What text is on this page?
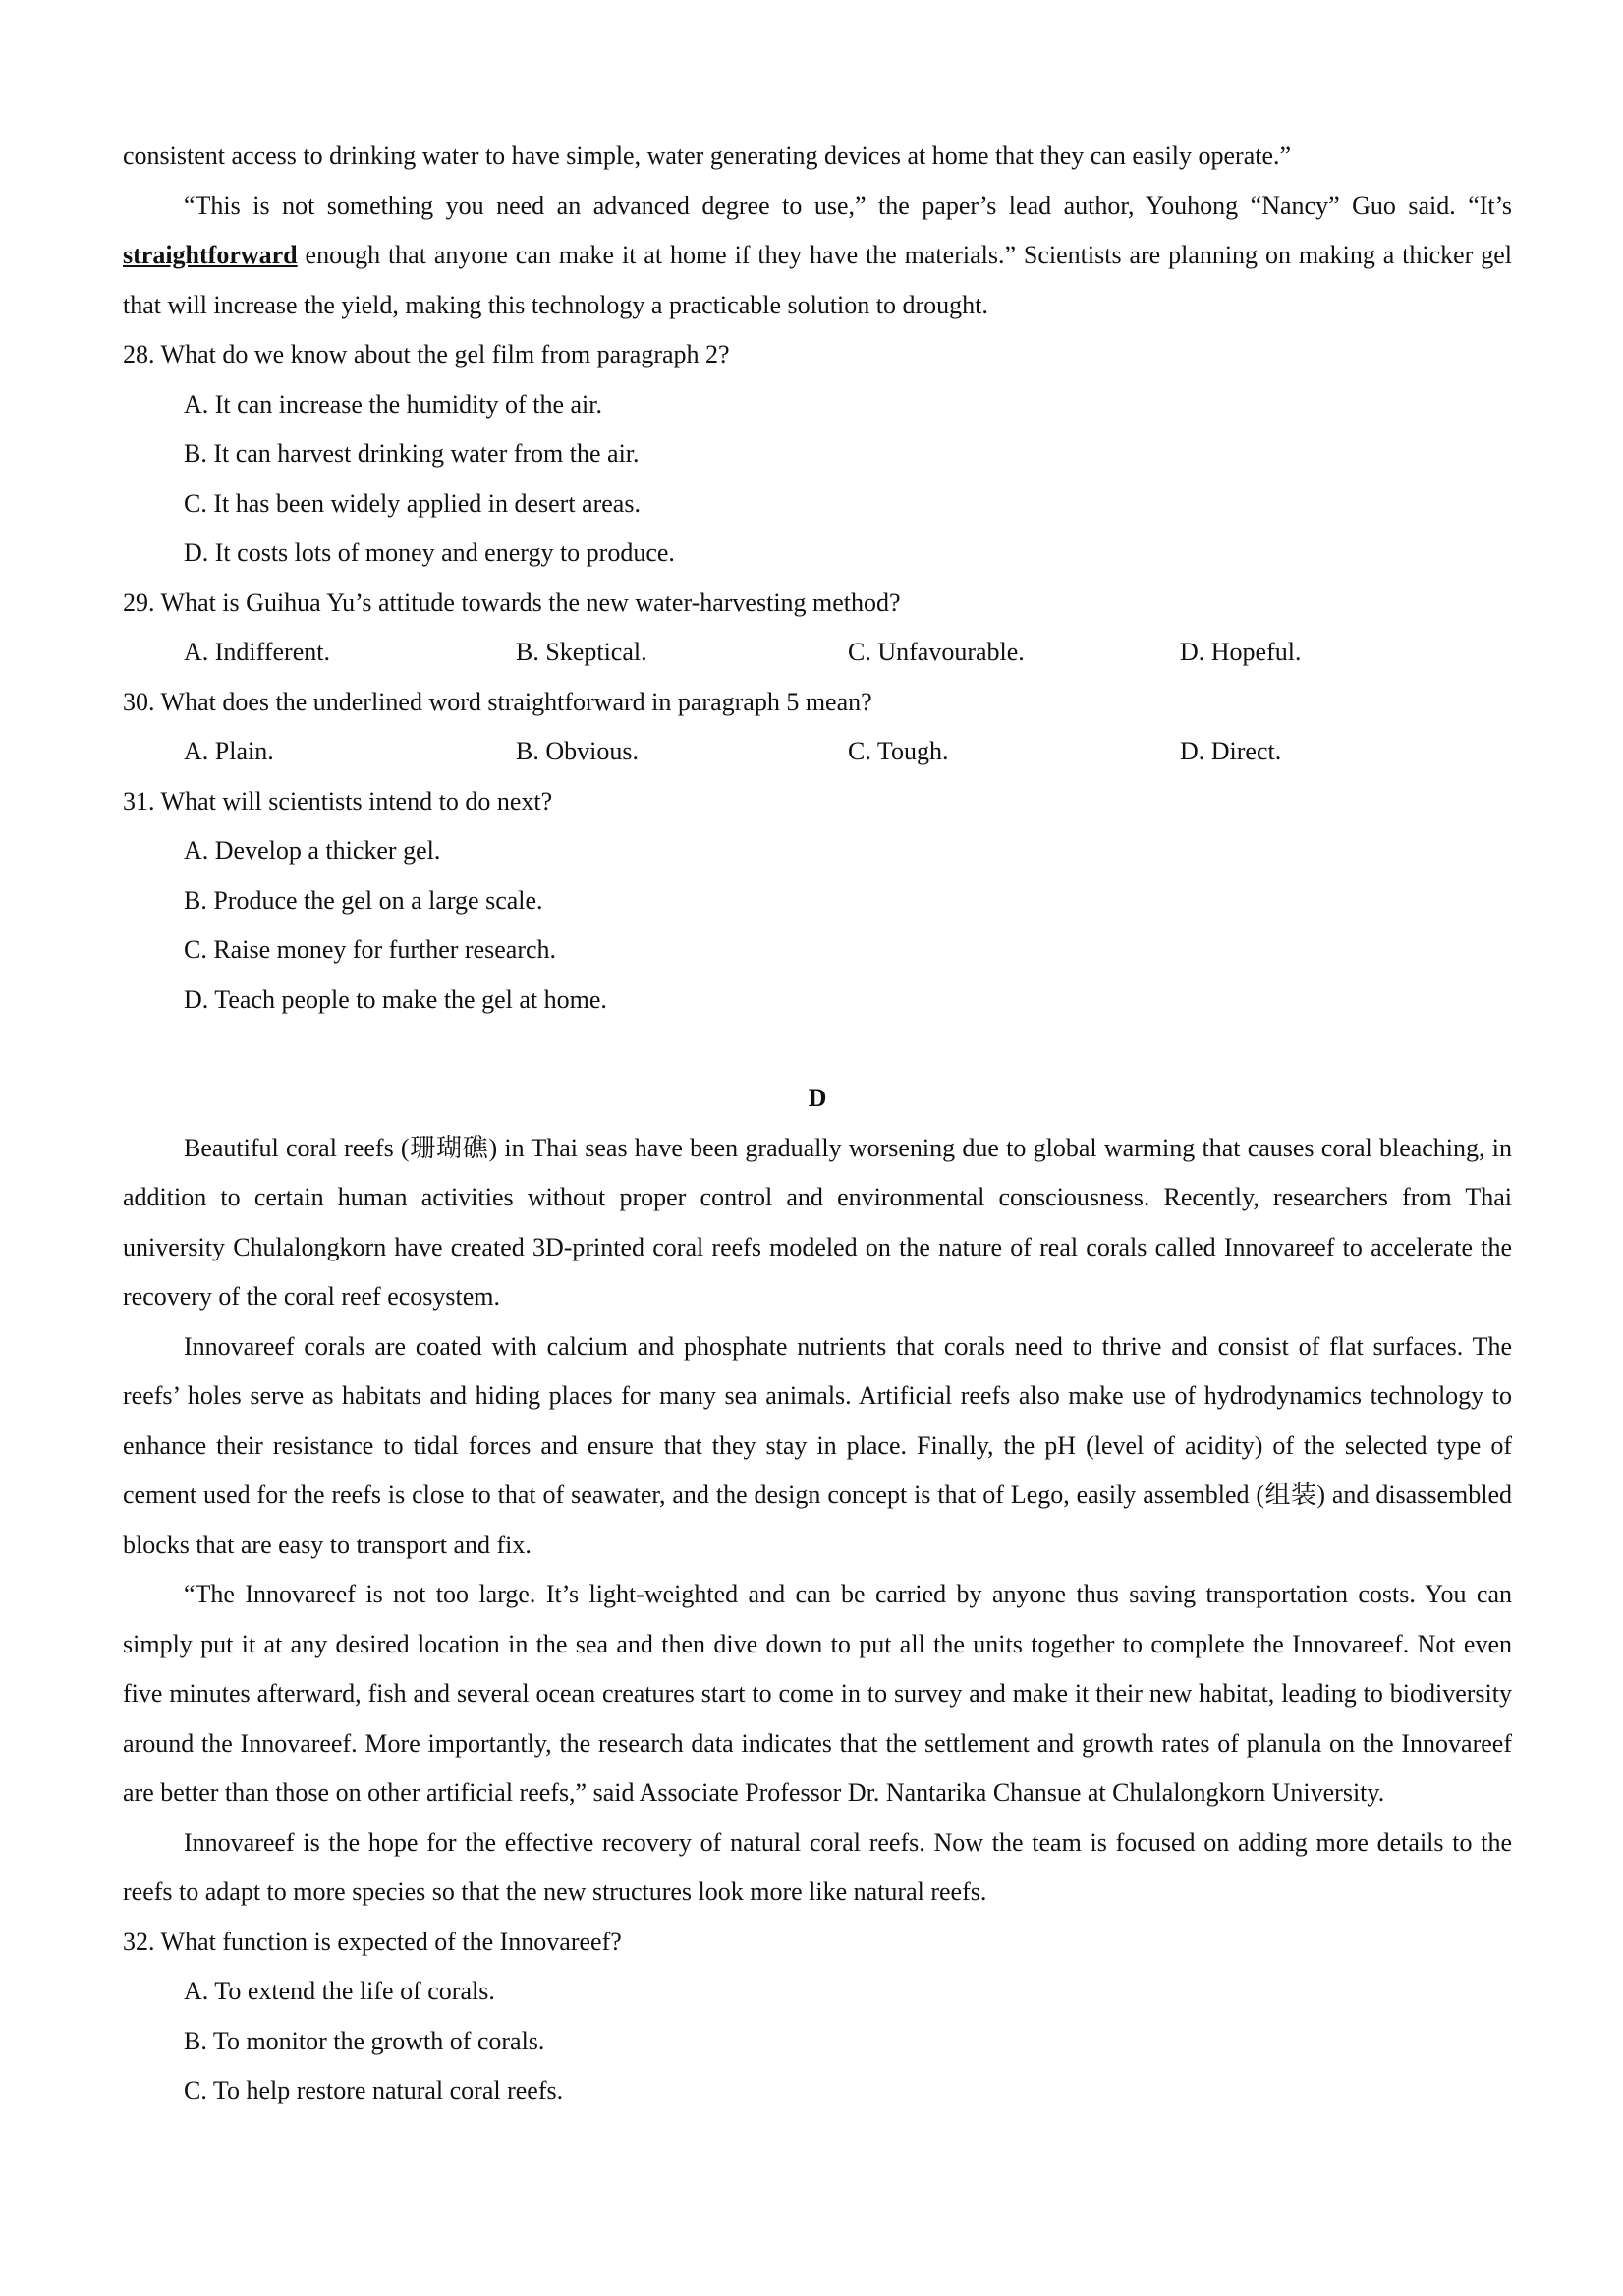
consistent access to drinking water to have simple, water generating devices at home that they can easily operate.”

“This is not something you need an advanced degree to use,” the paper’s lead author, Youhong “Nancy” Guo said. “It’s straightforward enough that anyone can make it at home if they have the materials.” Scientists are planning on making a thicker gel that will increase the yield, making this technology a practicable solution to drought.

28. What do we know about the gel film from paragraph 2?

A. It can increase the humidity of the air.

B. It can harvest drinking water from the air.

C. It has been widely applied in desert areas.

D. It costs lots of money and energy to produce.

29. What is Guihua Yu’s attitude towards the new water-harvesting method?

A. Indifferent.	B. Skeptical.	C. Unfavourable.	D. Hopeful.

30. What does the underlined word straightforward in paragraph 5 mean?

A. Plain.	B. Obvious.	C. Tough.	D. Direct.

31. What will scientists intend to do next?

A. Develop a thicker gel.

B. Produce the gel on a large scale.

C. Raise money for further research.

D. Teach people to make the gel at home.

D

Beautiful coral reefs (珊瑚礁) in Thai seas have been gradually worsening due to global warming that causes coral bleaching, in addition to certain human activities without proper control and environmental consciousness. Recently, researchers from Thai university Chulalongkorn have created 3D-printed coral reefs modeled on the nature of real corals called Innovareef to accelerate the recovery of the coral reef ecosystem.

Innovareef corals are coated with calcium and phosphate nutrients that corals need to thrive and consist of flat surfaces. The reefs’ holes serve as habitats and hiding places for many sea animals. Artificial reefs also make use of hydrodynamics technology to enhance their resistance to tidal forces and ensure that they stay in place. Finally, the pH (level of acidity) of the selected type of cement used for the reefs is close to that of seawater, and the design concept is that of Lego, easily assembled (组装) and disassembled blocks that are easy to transport and fix.

“The Innovareef is not too large. It’s light-weighted and can be carried by anyone thus saving transportation costs. You can simply put it at any desired location in the sea and then dive down to put all the units together to complete the Innovareef. Not even five minutes afterward, fish and several ocean creatures start to come in to survey and make it their new habitat, leading to biodiversity around the Innovareef. More importantly, the research data indicates that the settlement and growth rates of planula on the Innovareef are better than those on other artificial reefs,” said Associate Professor Dr. Nantarika Chansue at Chulalongkorn University.

Innovareef is the hope for the effective recovery of natural coral reefs. Now the team is focused on adding more details to the reefs to adapt to more species so that the new structures look more like natural reefs.

32. What function is expected of the Innovareef?

A. To extend the life of corals.

B. To monitor the growth of corals.

C. To help restore natural coral reefs.
